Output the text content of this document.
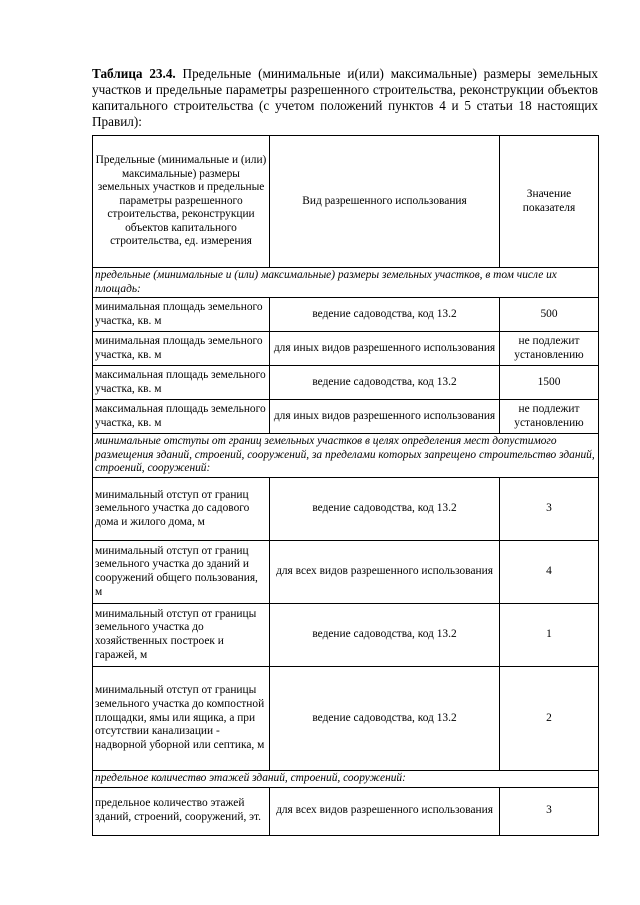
Таблица 23.4. Предельные (минимальные и(или) максимальные) размеры земельных участков и предельные параметры разрешенного строительства, реконструкции объектов капитального строительства (с учетом положений пунктов 4 и 5 статьи 18 настоящих Правил):
Предельные (минимальные и (или) максимальные) размеры земельных участков и предельные параметры разрешенного строительства, реконструкции объектов капитального строительства, ед. измерения	Вид разрешенного использования	Значение показателя
предельные (минимальные и (или) максимальные) размеры земельных участков, в том числе их площадь:		
минимальная площадь земельного участка, кв. м	ведение садоводства, код 13.2	500
минимальная площадь земельного участка, кв. м	для иных видов разрешенного использования	не подлежит установлению
максимальная площадь земельного участка, кв. м	ведение садоводства, код 13.2	1500
максимальная площадь земельного участка, кв. м	для иных видов разрешенного использования	не подлежит установлению
минимальные отступы от границ земельных участков в целях определения мест допустимого размещения зданий, строений, сооружений, за пределами которых запрещено строительство зданий, строений, сооружений:		
минимальный отступ от границ земельного участка до садового дома и жилого дома, м	ведение садоводства, код 13.2	3
минимальный отступ от границ земельного участка до зданий и сооружений общего пользования, м	для всех видов разрешенного использования	4
минимальный отступ от границы земельного участка до хозяйственных построек и гаражей, м	ведение садоводства, код 13.2	1
минимальный отступ от границы земельного участка до компостной площадки, ямы или ящика, а при отсутствии канализации - надворной уборной или септика, м	ведение садоводства, код 13.2	2
предельное количество этажей зданий, строений, сооружений:		
предельное количество этажей зданий, строений, сооружений, эт.	для всех видов разрешенного использования	3
